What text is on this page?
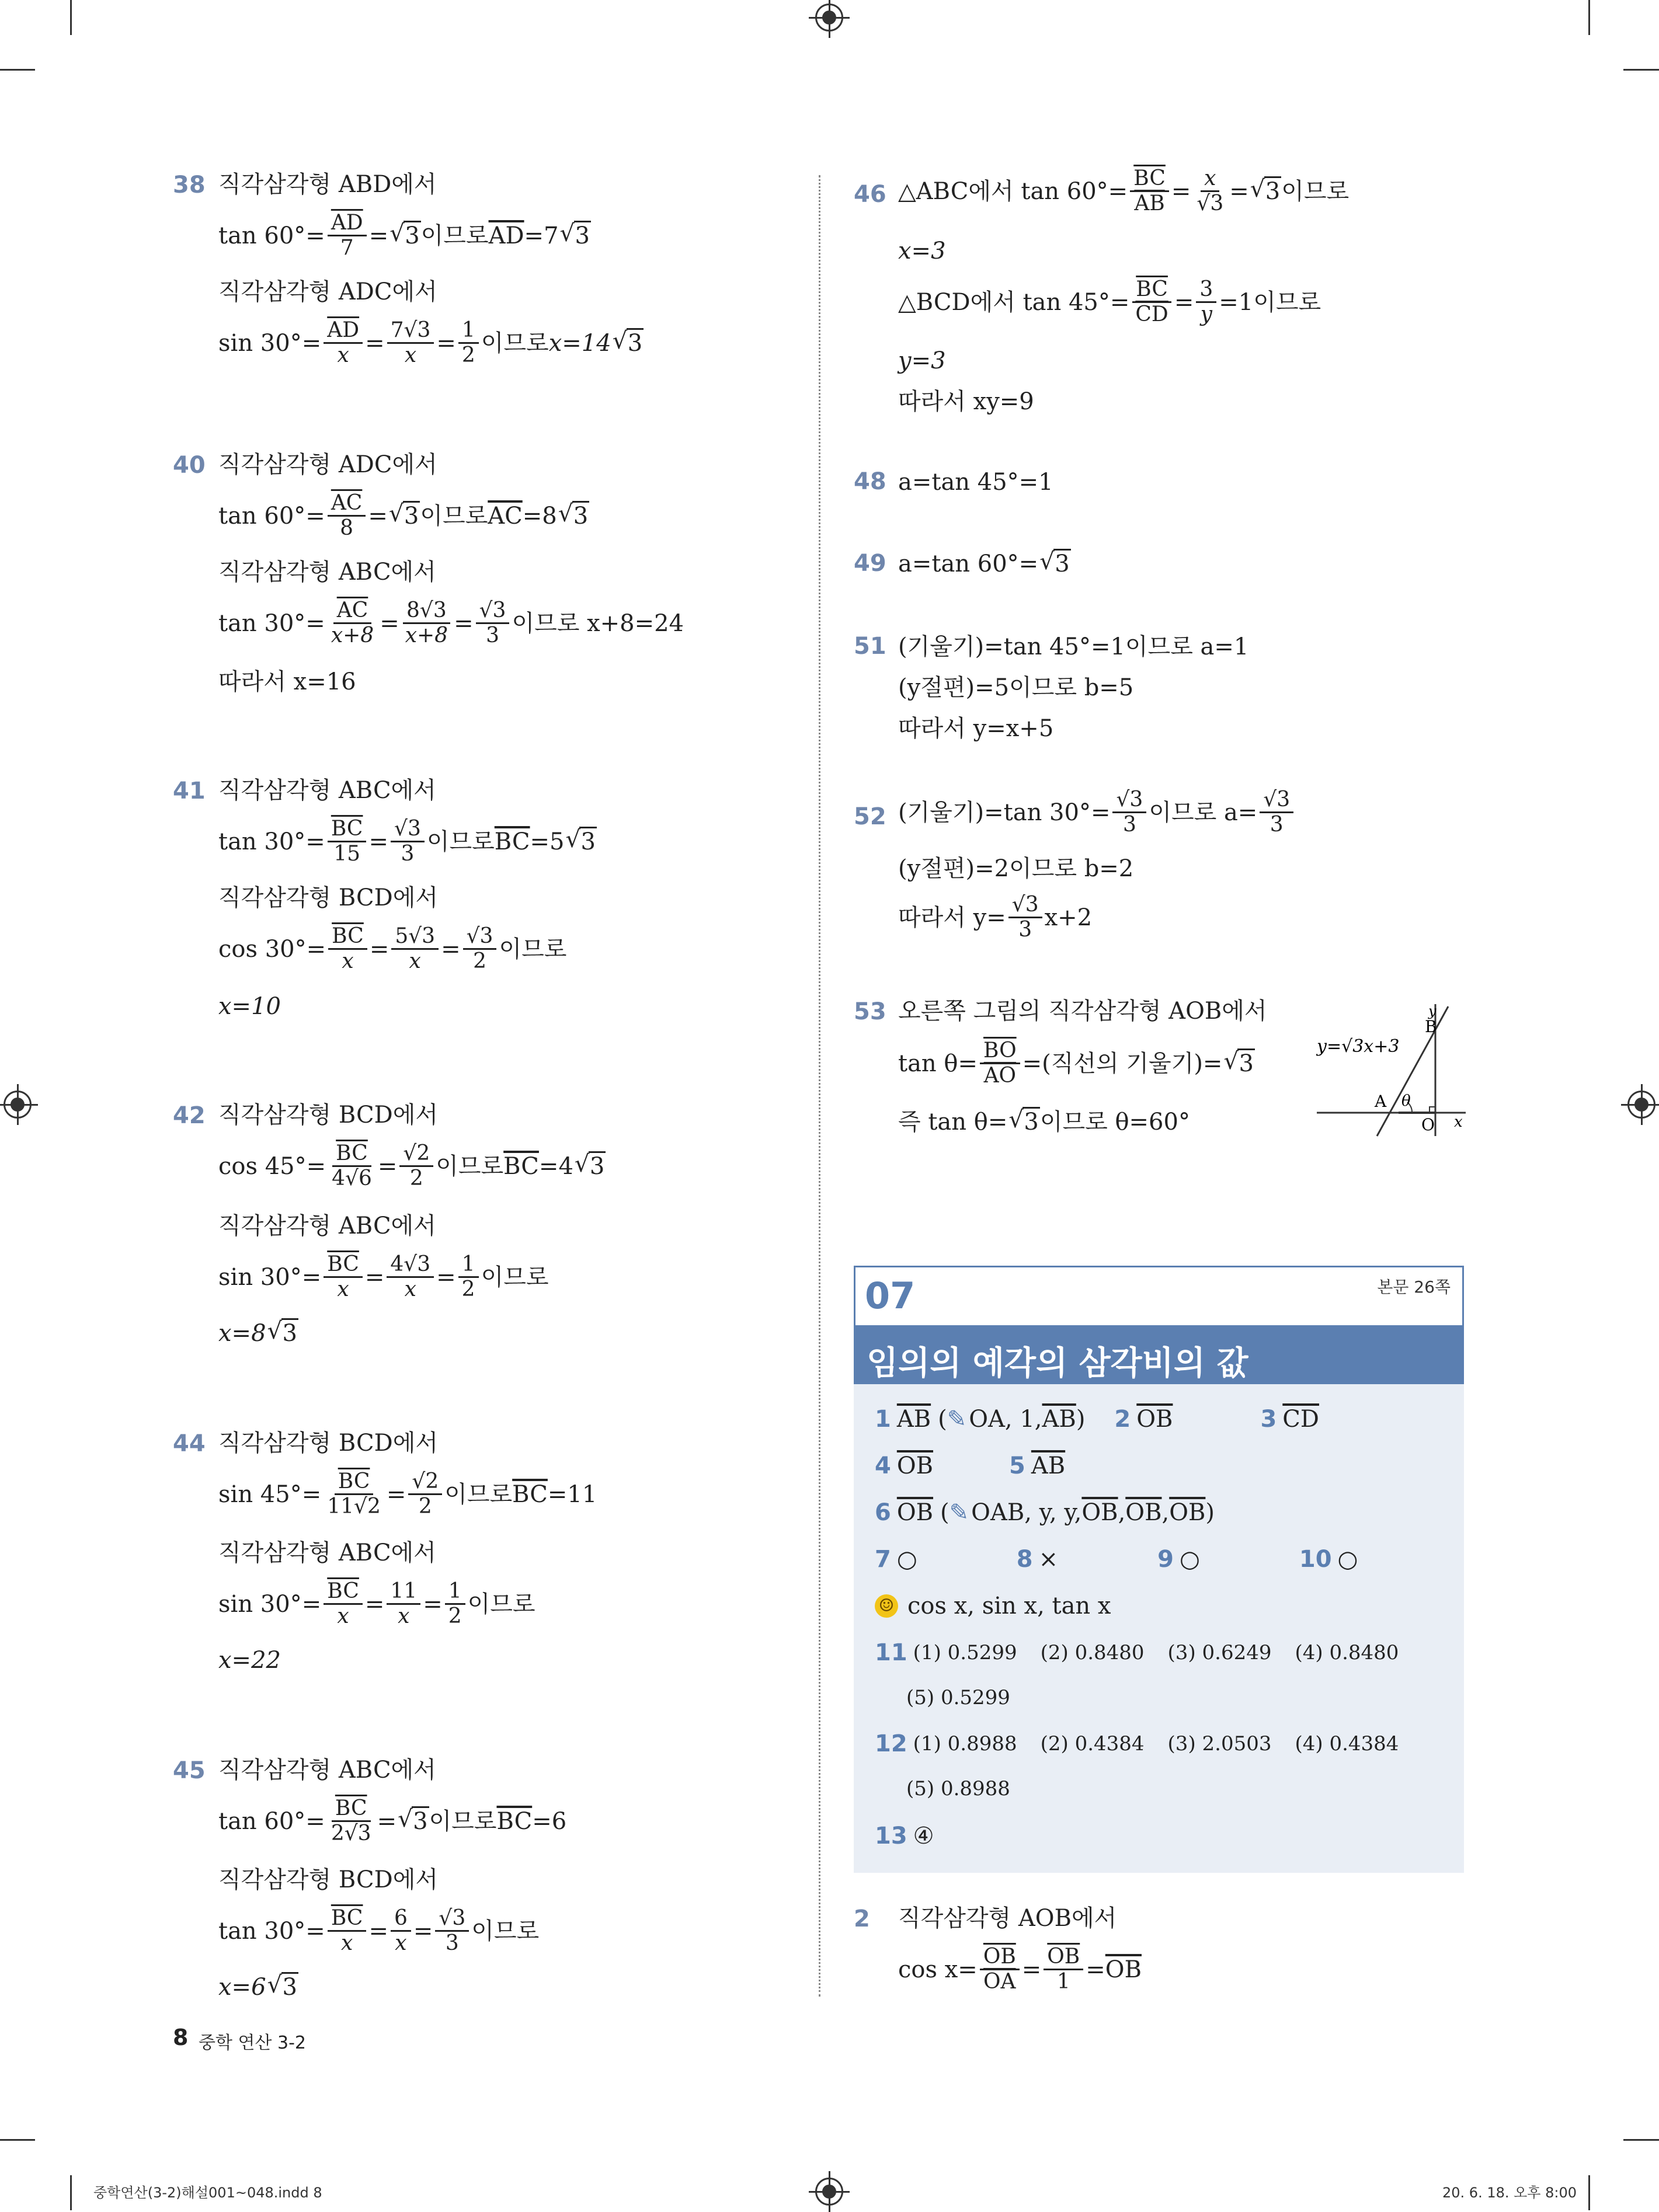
38 직각삼각형 ABD에서
$\tan 60^\circ= \frac{\overline{AD}}{7}$ = √ 3 이므로 $\overline{AD} =7$ √ 3
직각삼각형 ADC에서
$\sin 30^\circ= \frac{\overline{AD}}{x} = \frac{7√3}{x} = \frac{1}{2}$ 이므로 x=14 √ 3
40 직각삼각형 ADC에서
$\tan 60^\circ= \frac{\overline{AC}}{8}$ = √ 3 이므로 $\overline{AC} =8$ √ 3
직각삼각형 ABC에서
$\tan 30^\circ= \frac{\overline{AC}}{x+8} = \frac{8√3}{x+8} = \frac{√3}{3}$ 이므로 x+8=24
따라서 x=16
41 직각삼각형 ABC에서
$\tan 30^\circ= \frac{\overline{BC}}{15} = \frac{√3}{3}$ 이므로 $\overline{BC} =5$ √ 3
직각삼각형 BCD에서
$\cos 30^\circ= \frac{\overline{BC}}{x} = \frac{5√3}{x} = \frac{√3}{2}$ 이므로
x=10
42 직각삼각형 BCD에서
$\cos 45^\circ= \frac{\overline{BC}}{4√6} = \frac{√2}{2}$ 이므로 $\overline{BC} =4$ √ 3
직각삼각형 ABC에서
$\sin 30^\circ= \frac{\overline{BC}}{x} = \frac{4√3}{x} = \frac{1}{2}$ 이므로
x=8 √ 3
44 직각삼각형 BCD에서
$\sin 45^\circ= \frac{\overline{BC}}{11√2} = \frac{√2}{2}$ 이므로 $\overline{BC} =11$
직각삼각형 ABC에서
$\sin 30^\circ= \frac{\overline{BC}}{x} = \frac{11}{x} = \frac{1}{2}$ 이므로
x=22
45 직각삼각형 ABC에서
$\tan 60^\circ= \frac{\overline{BC}}{2√3}$ = √ 3 이므로 $\overline{BC} =6$
직각삼각형 BCD에서
$\tan 30^\circ= \frac{\overline{BC}}{x} = \frac{6}{x} = \frac{√3}{3}$ 이므로
x=6 √ 3
46 △ABC에서 $\tan 60^\circ= \frac{\overline{BC}}{AB} = \frac{x}{√3}$ = √ 3 이므로
x=3
△BCD에서 $\tan 45^\circ= \frac{\overline{BC}}{CD} = \frac{3}{y} =1$이므로
y=3
따라서 xy=9
48 a=tan 45°=1
49 a=tan 60°= √ 3
51 (기울기)=tan 45°=1이므로 a=1
(y절편)=5이므로 b=5
따라서 y=x+5
52 (기울기)=tan $30^\circ= \frac{√3}{3}$ 이므로 $a= \frac{√3}{3}$
(y절편)=2이므로 b=2
따라서 $y= \frac{√3}{3} x+2$
53 오른쪽 그림의 직각삼각형 AOB에서
$\tan \theta= \frac{\overline{BO}}{AO}$ =(직선의 기울기)= √ 3
즉 tan θ= √ 3 이므로 θ=60°
y=√3x+3
B
y
A θ
O x
07	본문 26쪽
임의의 예각의 삼각비의 값
1 $\overline{AB}$ ( ✎ OA, 1, $\overline{AB}$ ) 2 $\overline{OB}$	3 $\overline{CD}$
4 $\overline{OB}$	5 $\overline{AB}$
6 $\overline{OB}$ ( ✎ OAB, y, y, $\overline{OB}$ , $\overline{OB}$ , $\overline{OB}$ )
7 ○	8 ×	9 ○	10 ○
☺ cos x, sin x, tan x
11 (1) 0.5299 (2) 0.8480 (3) 0.6249 (4) 0.8480
(5) 0.5299
12 (1) 0.8988 (2) 0.4384 (3) 2.0503 (4) 0.4384
(5) 0.8988
13 ④
2 직각삼각형 AOB에서
$\cos x= \frac{\overline{OB}}{OA} = \frac{\overline{OB}}{1} = \overline{OB}$
8 중학 연산 3-2
중학연산(3-2)해설001~048.indd 8	20. 6. 18. 오후 8:00
